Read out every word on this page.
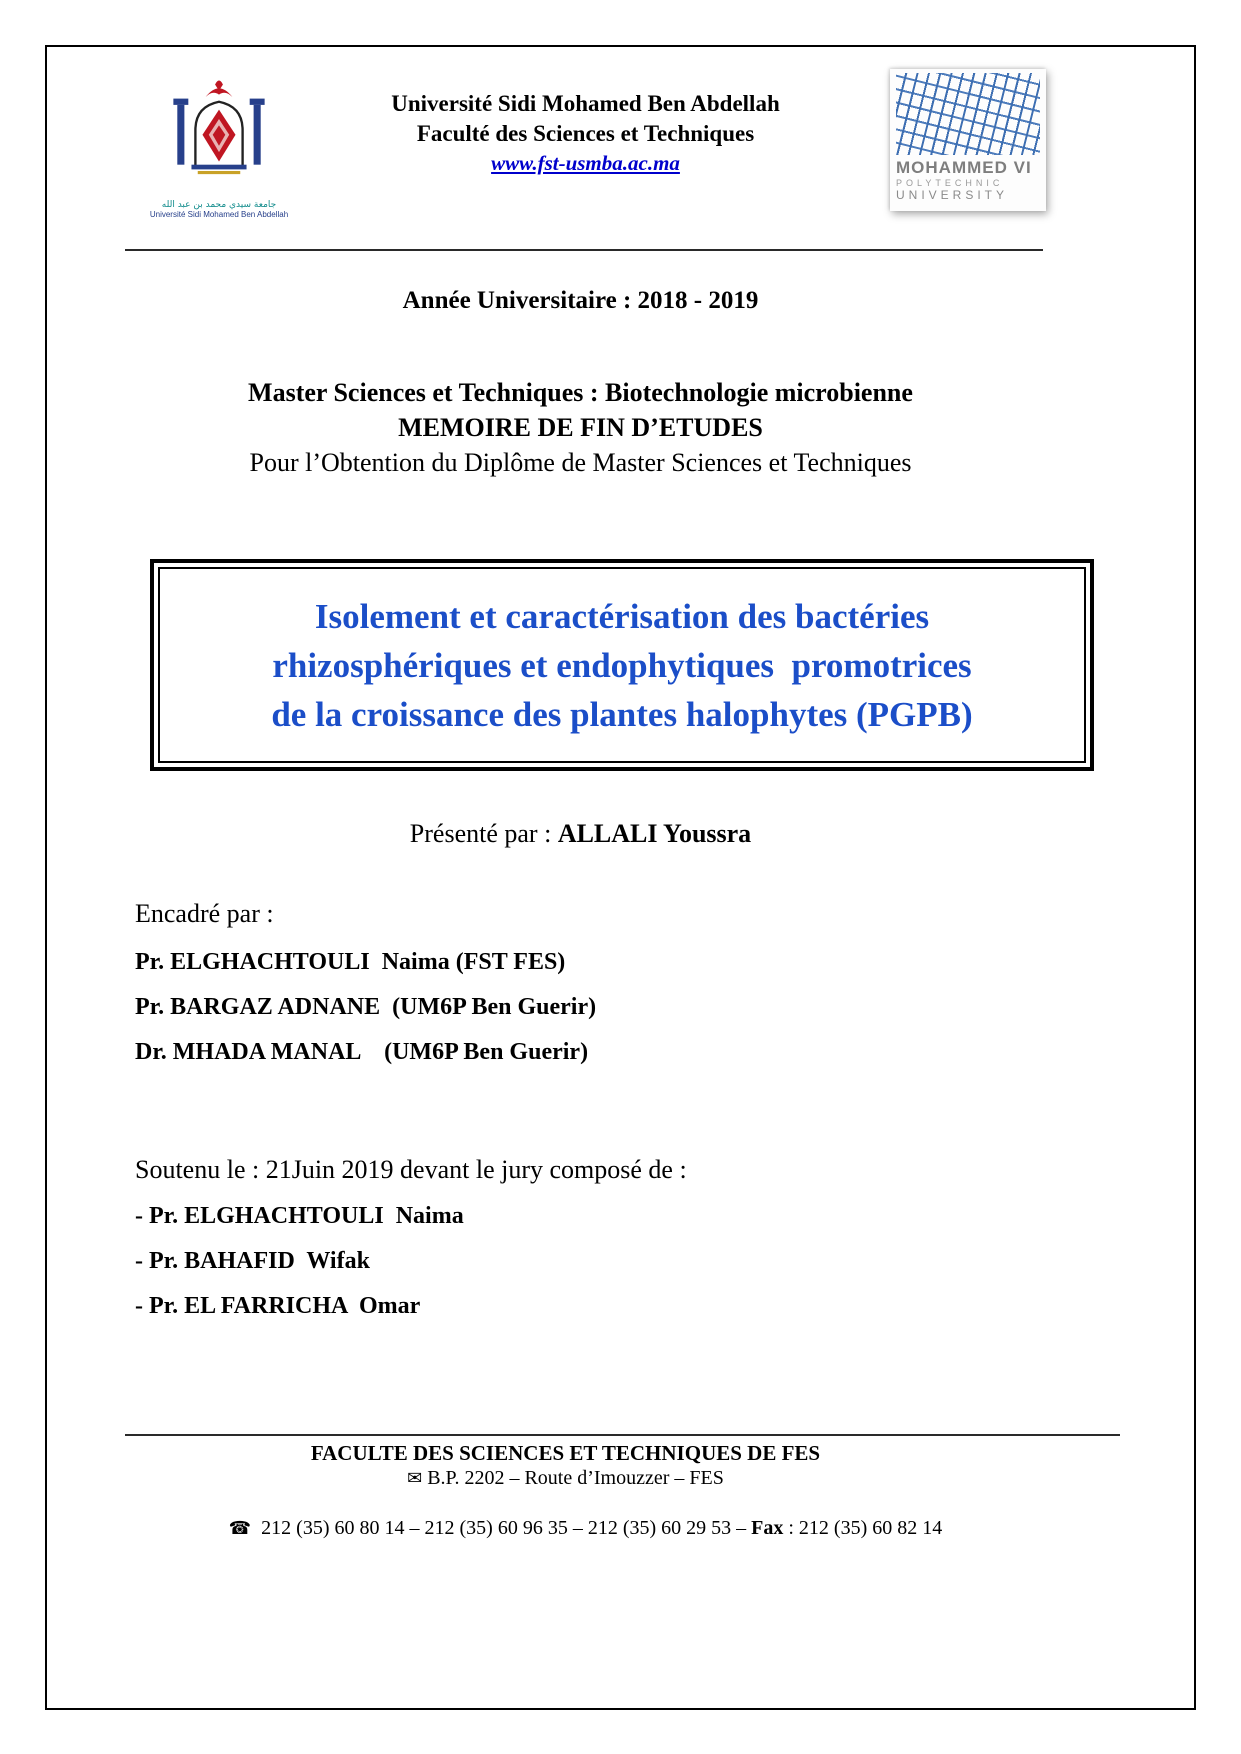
جامعة سيدي محمد بن عبد الله
Université Sidi Mohamed Ben Abdellah
Université Sidi Mohamed Ben Abdellah
Faculté des Sciences et Techniques
www.fst-usmba.ac.ma	MOHAMMED VI
POLYTECHNIC
UNIVERSITY
Année Universitaire : 2018 - 2019
Master Sciences et Techniques : Biotechnologie microbienne
MEMOIRE DE FIN D’ETUDES
Pour l’Obtention du Diplôme de Master Sciences et Techniques
Isolement et caractérisation des bactéries
rhizosphériques et endophytiques  promotrices
de la croissance des plantes halophytes (PGPB)
Présenté par : ALLALI Youssra
Encadré par :
Pr. ELGHACHTOULI  Naima (FST FES)
Pr. BARGAZ ADNANE  (UM6P Ben Guerir)
Dr. MHADA MANAL    (UM6P Ben Guerir)
Soutenu le : 21Juin 2019 devant le jury composé de :
- Pr. ELGHACHTOULI  Naima
- Pr. BAHAFID  Wifak
- Pr. EL FARRICHA  Omar
FACULTE DES SCIENCES ET TECHNIQUES DE FES
✉ B.P. 2202 – Route d’Imouzzer – FES

☎  212 (35) 60 80 14 – 212 (35) 60 96 35 – 212 (35) 60 29 53 – Fax : 212 (35) 60 82 14
